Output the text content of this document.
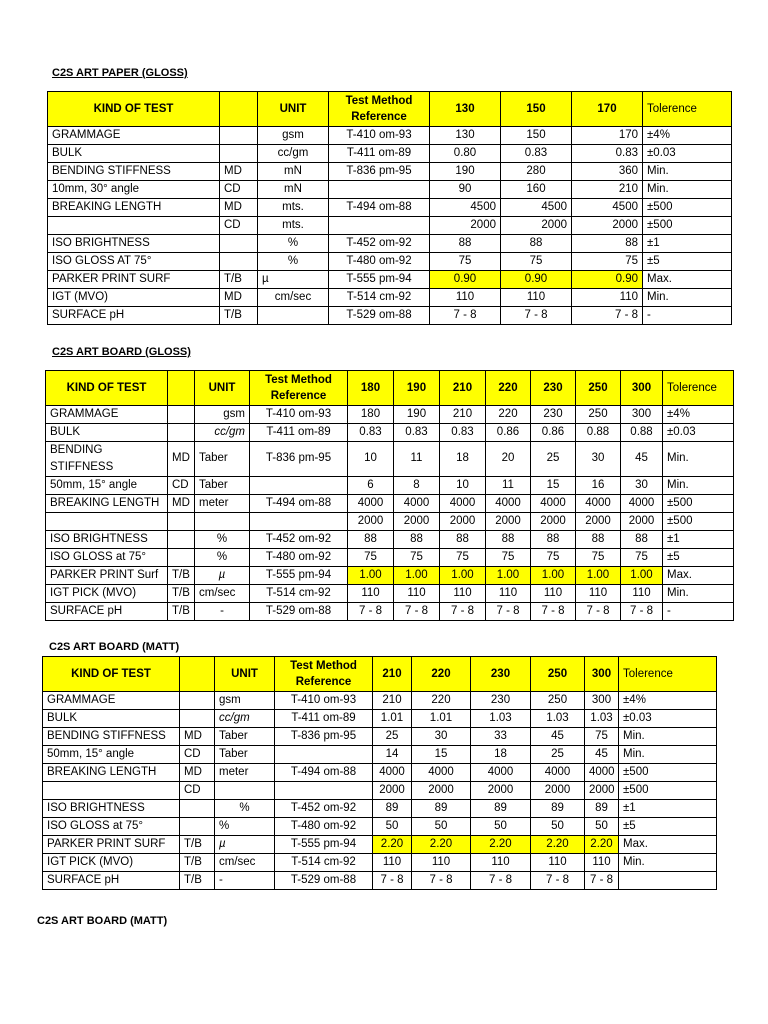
C2S ART PAPER (GLOSS)
KIND OF TEST		UNIT	Test Method Reference	130	150	170	Tolerence
GRAMMAGE		gsm	T-410 om-93	130	150	170	±4%
BULK		cc/gm	T-411 om-89	0.80	0.83	0.83	±0.03
BENDING STIFFNESS	MD	mN	T-836 pm-95	190	280	360	Min.
10mm, 30° angle	CD	mN		90	160	210	Min.
BREAKING LENGTH	MD	mts.	T-494 om-88	4500	4500	4500	±500
	CD	mts.		2000	2000	2000	±500
ISO BRIGHTNESS		%	T-452 om-92	88	88	88	±1
ISO GLOSS AT 75°		%	T-480 om-92	75	75	75	±5
PARKER PRINT SURF	T/B	µ	T-555 pm-94	0.90	0.90	0.90	Max.
IGT (MVO)	MD	cm/sec	T-514 cm-92	110	110	110	Min.
SURFACE pH	T/B		T-529 om-88	7 - 8	7 - 8	7 - 8	-
C2S ART BOARD (GLOSS)
KIND OF TEST		UNIT	Test Method Reference	180	190	210	220	230	250	300	Tolerence
GRAMMAGE		gsm	T-410 om-93	180	190	210	220	230	250	300	±4%
BULK		cc/gm	T-411 om-89	0.83	0.83	0.83	0.86	0.86	0.88	0.88	±0.03
BENDING STIFFNESS	MD	Taber	T-836 pm-95	10	11	18	20	25	30	45	Min.
50mm, 15° angle	CD	Taber		6	8	10	11	15	16	30	Min.
BREAKING LENGTH	MD	meter	T-494 om-88	4000	4000	4000	4000	4000	4000	4000	±500
				2000	2000	2000	2000	2000	2000	2000	±500
ISO BRIGHTNESS		%	T-452 om-92	88	88	88	88	88	88	88	±1
ISO GLOSS at 75°		%	T-480 om-92	75	75	75	75	75	75	75	±5
PARKER PRINT Surf	T/B	µ	T-555 pm-94	1.00	1.00	1.00	1.00	1.00	1.00	1.00	Max.
IGT PICK (MVO)	T/B	cm/sec	T-514 cm-92	110	110	110	110	110	110	110	Min.
SURFACE pH	T/B	-	T-529 om-88	7 - 8	7 - 8	7 - 8	7 - 8	7 - 8	7 - 8	7 - 8	-
C2S ART BOARD (MATT)
KIND OF TEST		UNIT	Test Method Reference	210	220	230	250	300	Tolerence
GRAMMAGE		gsm	T-410 om-93	210	220	230	250	300	±4%
BULK		cc/gm	T-411 om-89	1.01	1.01	1.03	1.03	1.03	±0.03
BENDING STIFFNESS	MD	Taber	T-836 pm-95	25	30	33	45	75	Min.
50mm, 15° angle	CD	Taber		14	15	18	25	45	Min.
BREAKING LENGTH	MD	meter	T-494 om-88	4000	4000	4000	4000	4000	±500
	CD			2000	2000	2000	2000	2000	±500
ISO BRIGHTNESS		%	T-452 om-92	89	89	89	89	89	±1
ISO GLOSS at 75°		%	T-480 om-92	50	50	50	50	50	±5
PARKER PRINT SURF	T/B	µ	T-555 pm-94	2.20	2.20	2.20	2.20	2.20	Max.
IGT PICK (MVO)	T/B	cm/sec	T-514 cm-92	110	110	110	110	110	Min.
SURFACE pH	T/B	-	T-529 om-88	7 - 8	7 - 8	7 - 8	7 - 8	7 - 8	
C2S ART BOARD (MATT)
